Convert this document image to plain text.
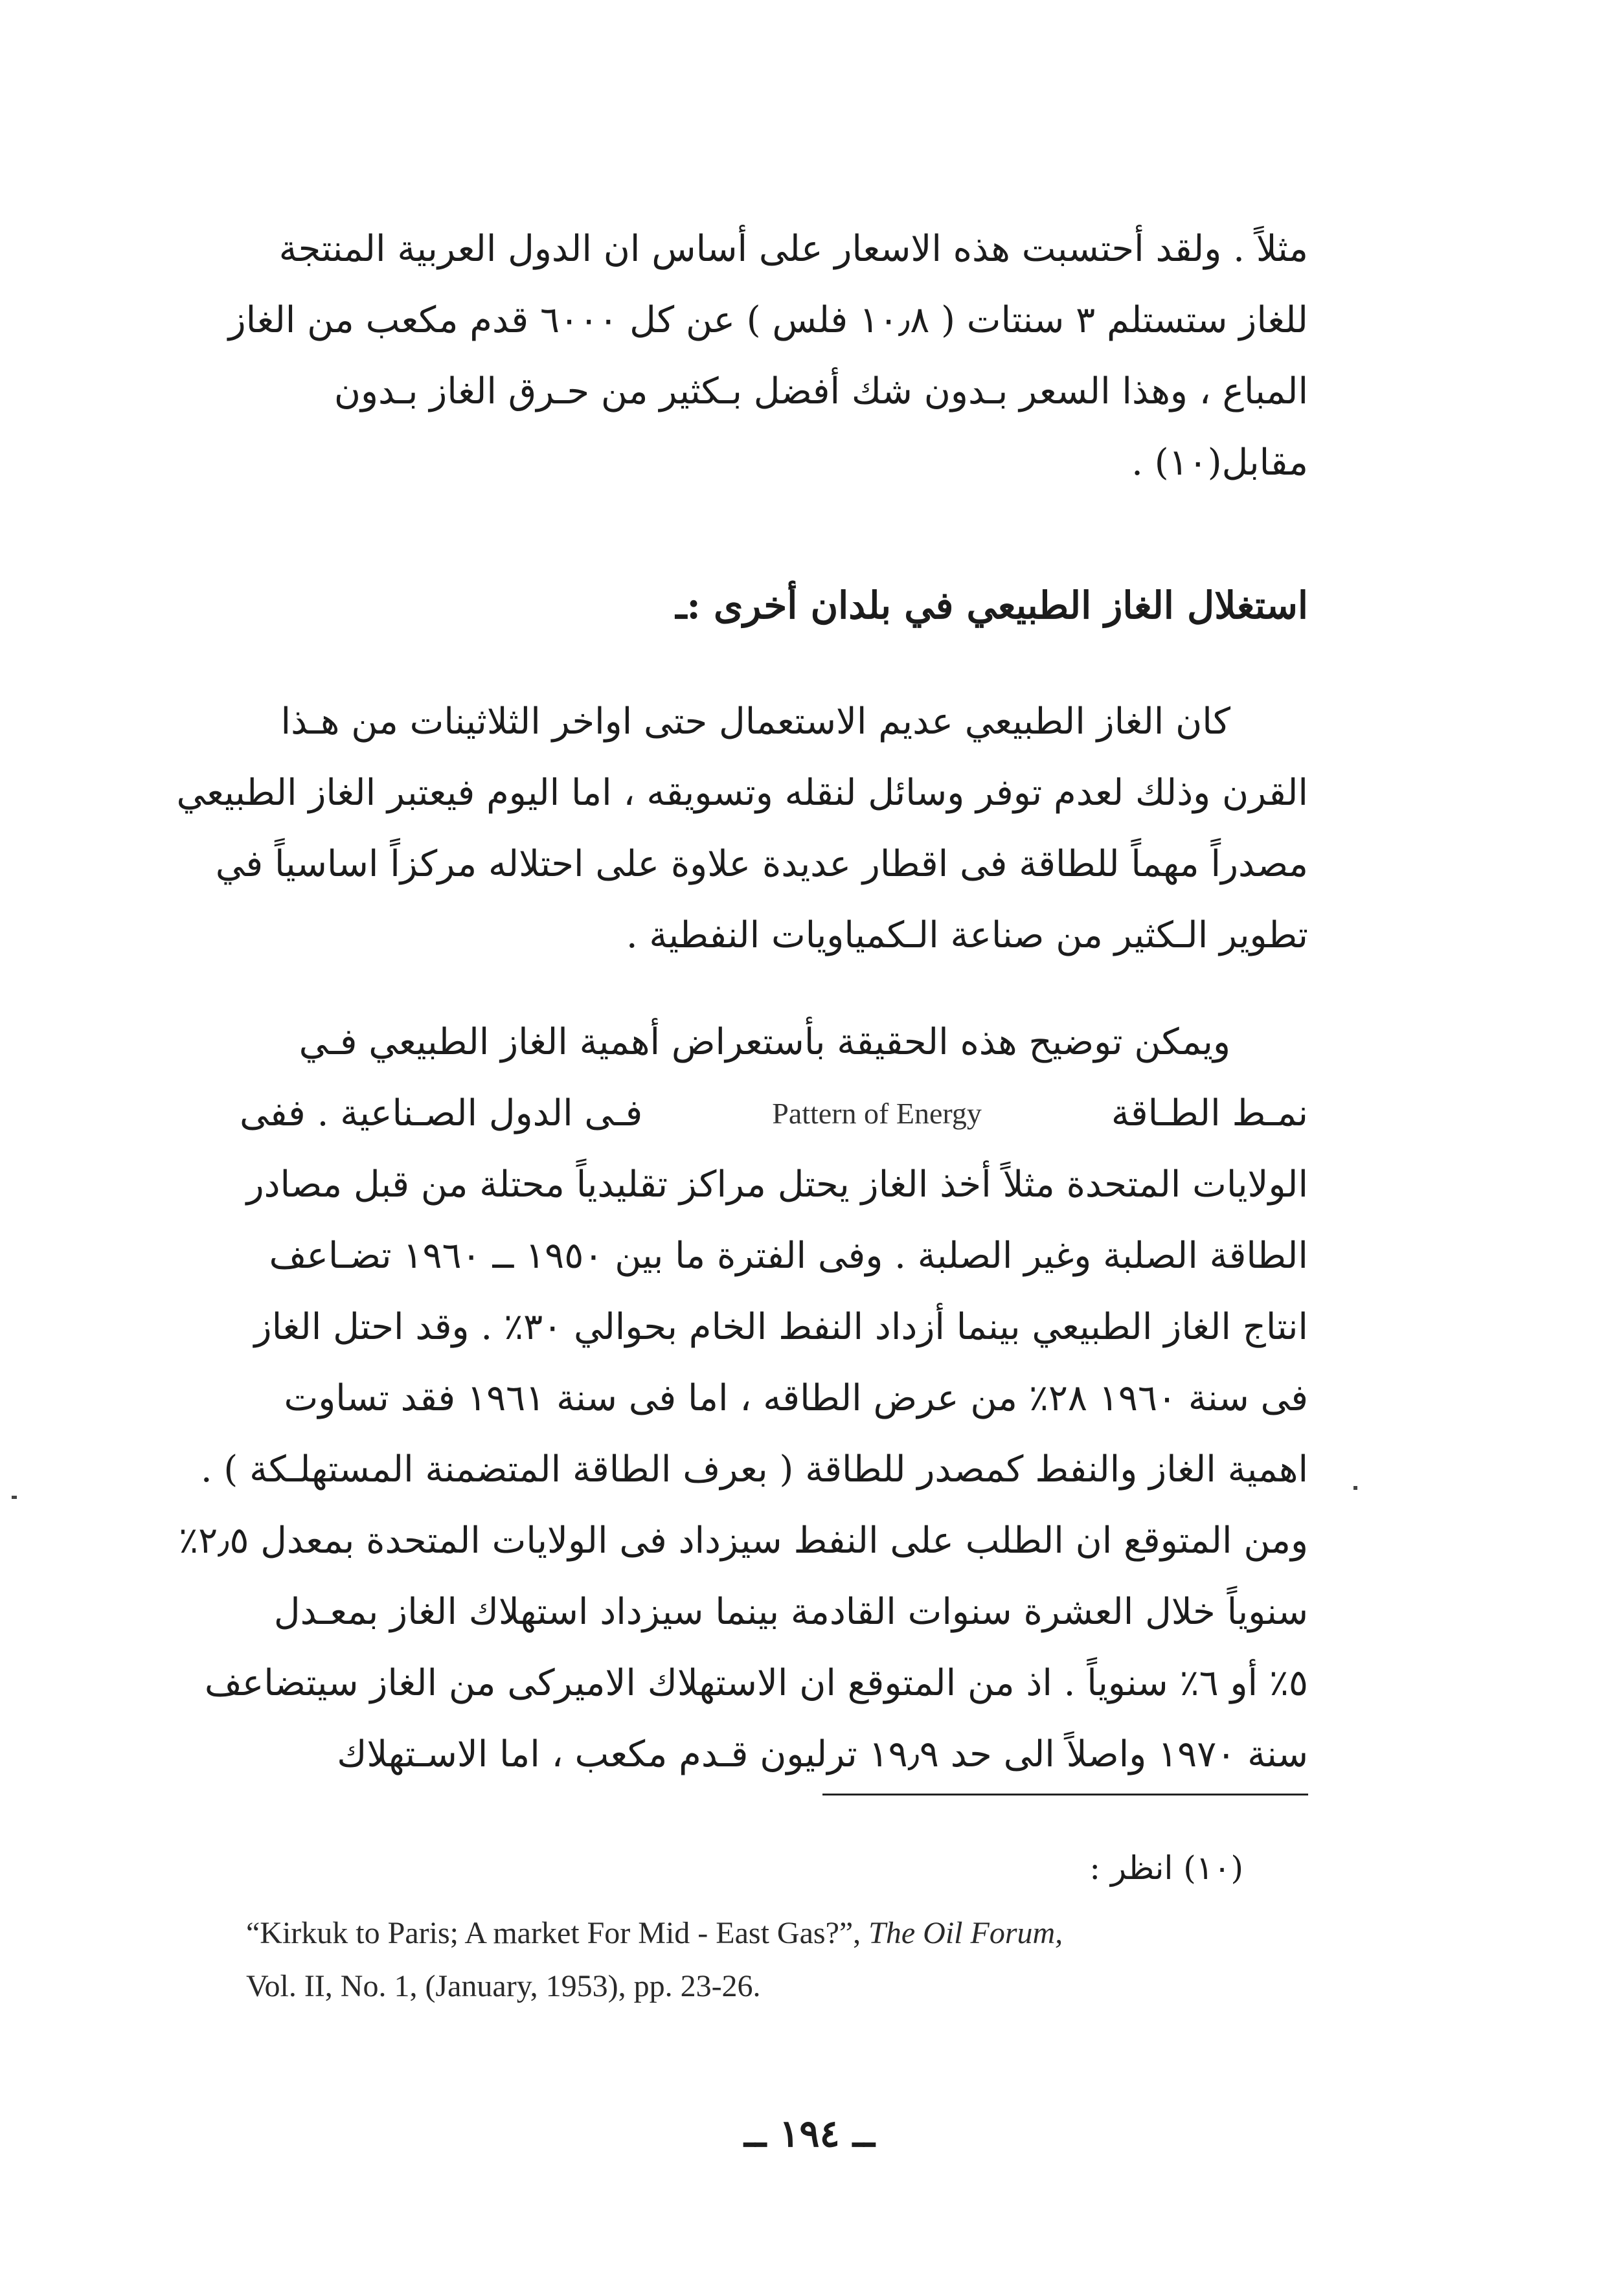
مثلاً . ولقد أحتسبت هذه الاسعار على أساس ان الدول العربية المنتجة
للغاز ستستلم ٣ سنتات ( ١٠٫٨ فلس ) عن كل ٦٠٠٠ قدم مكعب من الغاز
المباع ، وهذا السعر بـدون شك أفضل بـكثير من حـرق الغاز بـدون
مقابل(١٠) .
استغلال الغاز الطبيعي في بلدان أخرى :ـ
كان الغاز الطبيعي عديم الاستعمال حتى اواخر الثلاثينات من هـذا
القرن وذلك لعدم توفر وسائل لنقله وتسويقه ، اما اليوم فيعتبر الغاز الطبيعي
مصدراً مهماً للطاقة فى اقطار عديدة علاوة على احتلاله مركزاً اساسياً في
تطوير الـكثير من صناعة الـكمياويات النفطية .
ويمكن توضيح هذه الحقيقة بأستعراض أهمية الغاز الطبيعي فـي
نمـط الطـاقة
Pattern of Energy
فـى الدول الصـناعية . ففى
الولايات المتحدة مثلاً أخذ الغاز يحتل مراكز تقليدياً محتلة من قبل مصادر
الطاقة الصلبة وغير الصلبة . وفى الفترة ما بين ١٩٥٠ ــ ١٩٦٠ تضـاعف
انتاج الغاز الطبيعي بينما أزداد النفط الخام بحوالي ٣٠٪ . وقد احتل الغاز
فى سنة ١٩٦٠ ٢٨٪ من عرض الطاقه ، اما فى سنة ١٩٦١ فقد تساوت
اهمية الغاز والنفط كمصدر للطاقة ( بعرف الطاقة المتضمنة المستهلـكة ) .
ومن المتوقع ان الطلب على النفط سيزداد فى الولايات المتحدة بمعدل ٢٫٥٪
سنوياً خلال العشرة سنوات القادمة بينما سيزداد استهلاك الغاز بمعـدل
٥٪ أو ٦٪ سنوياً . اذ من المتوقع ان الاستهلاك الاميركى من الغاز سيتضاعف
سنة ١٩٧٠ واصلاً الى حد ١٩٫٩ ترليون قـدم مكعب ، اما الاسـتهلاك
(١٠) انظر :
“Kirkuk to Paris; A market For Mid - East Gas?”, The Oil Forum,
Vol. II, No. 1, (January, 1953), pp. 23-26.
ــ ١٩٤ ــ
